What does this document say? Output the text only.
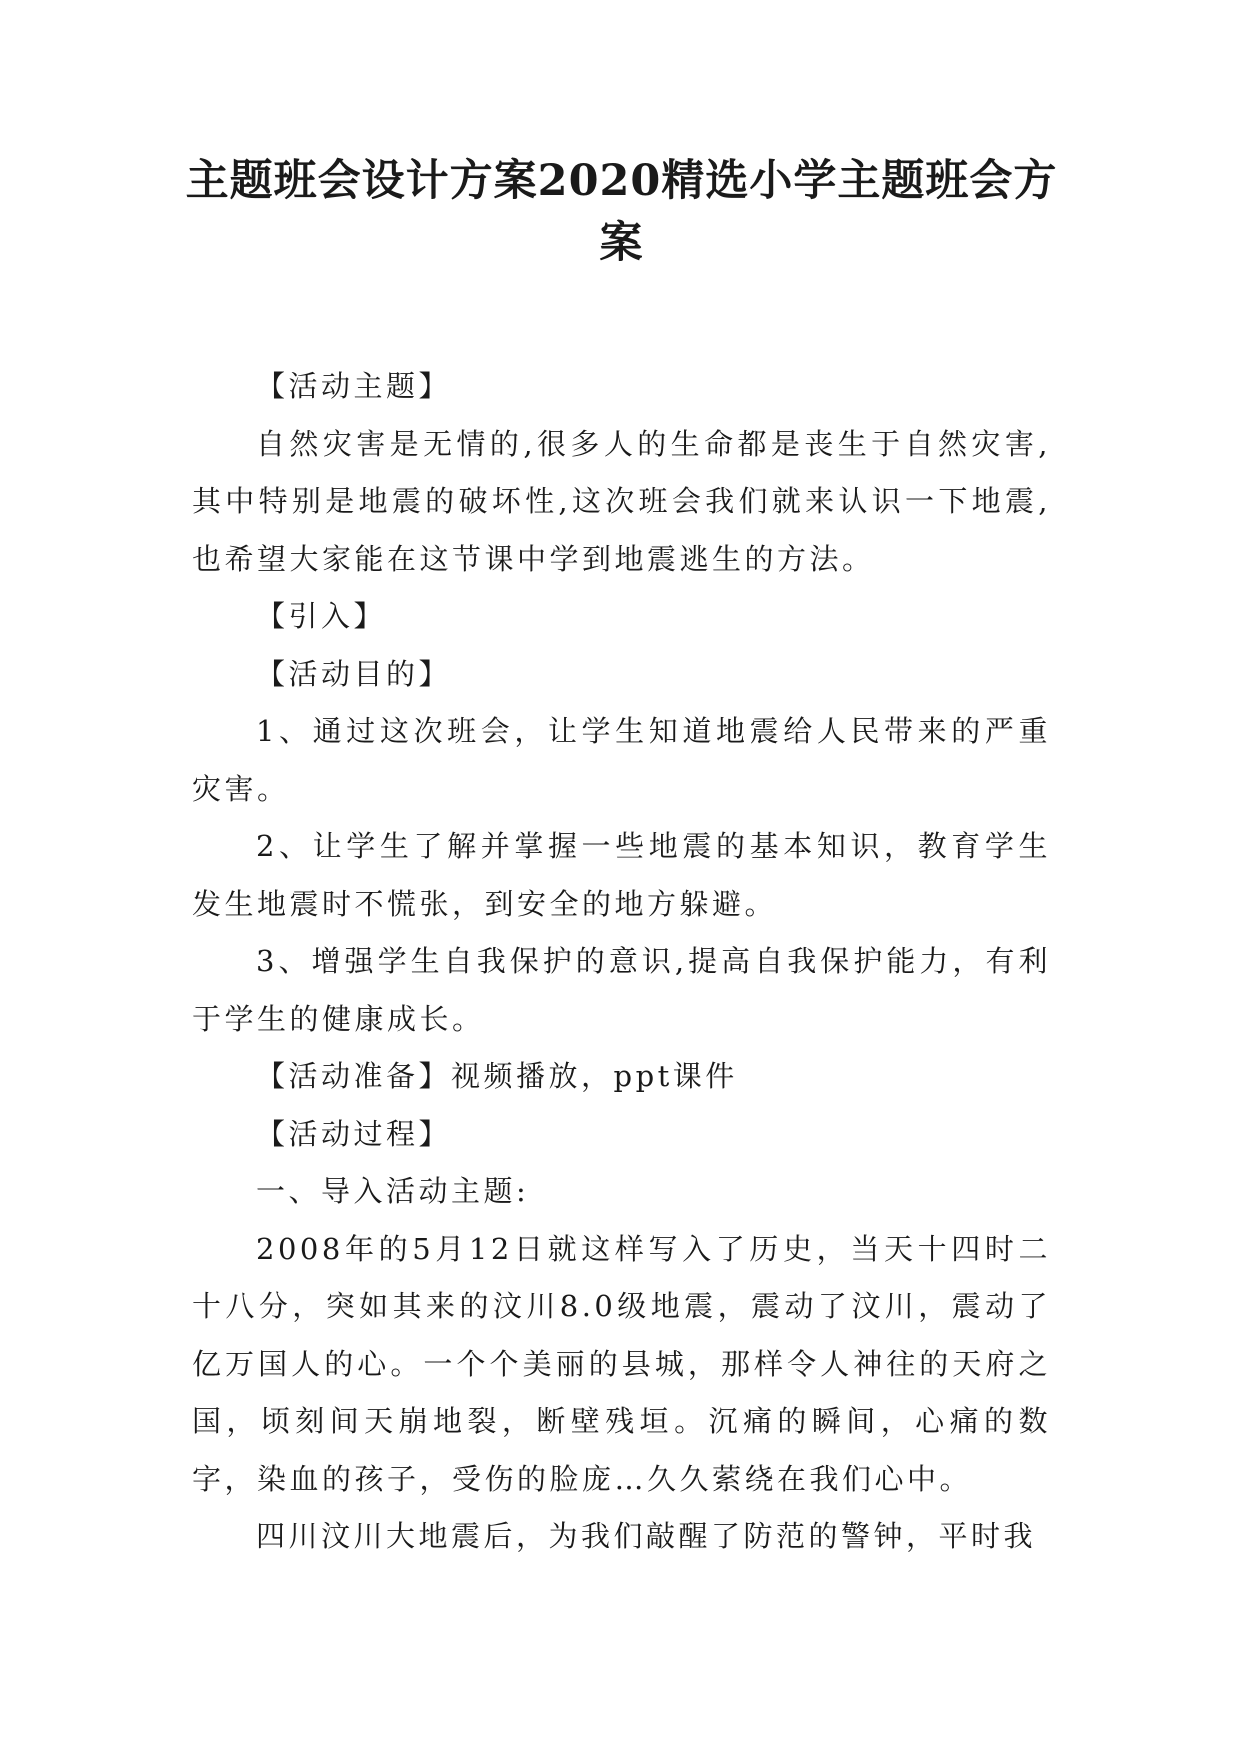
主题班会设计方案2020精选小学主题班会方案

【活动主题】

自然灾害是无情的,很多人的生命都是丧生于自然灾害,其中特别是地震的破坏性,这次班会我们就来认识一下地震,也希望大家能在这节课中学到地震逃生的方法。

【引入】

【活动目的】

1、通过这次班会，让学生知道地震给人民带来的严重灾害。

2、让学生了解并掌握一些地震的基本知识，教育学生发生地震时不慌张，到安全的地方躲避。

3、增强学生自我保护的意识,提高自我保护能力，有利于学生的健康成长。

【活动准备】视频播放，ppt课件

【活动过程】

一、导入活动主题:

2008年的5月12日就这样写入了历史，当天十四时二十八分，突如其来的汶川8.0级地震，震动了汶川，震动了亿万国人的心。一个个美丽的县城，那样令人神往的天府之国，顷刻间天崩地裂，断壁残垣。沉痛的瞬间，心痛的数字，染血的孩子，受伤的脸庞…久久萦绕在我们心中。

四川汶川大地震后，为我们敲醒了防范的警钟，平时我
